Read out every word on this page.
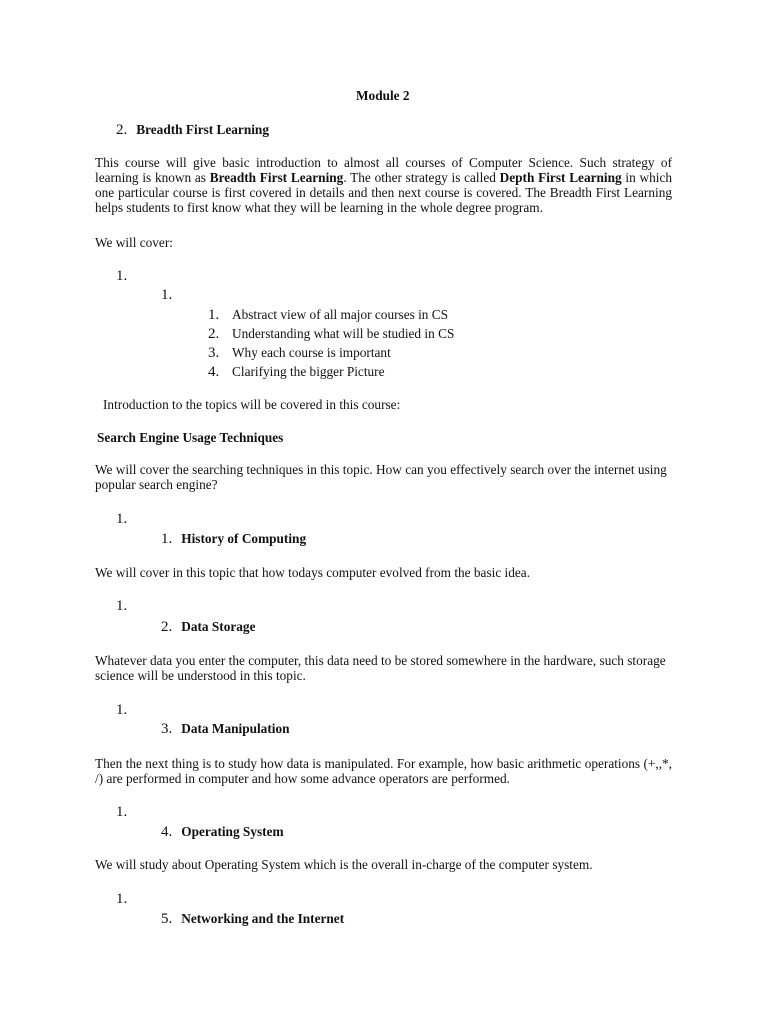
Module 2
2. Breadth First Learning
This course will give basic introduction to almost all courses of Computer Science. Such strategy of learning is known as Breadth First Learning. The other strategy is called Depth First Learning in which one particular course is first covered in details and then next course is covered. The Breadth First Learning helps students to first know what they will be learning in the whole degree program.
We will cover:
1.
1.
1. Abstract view of all major courses in CS
2. Understanding what will be studied in CS
3. Why each course is important
4. Clarifying the bigger Picture
Introduction to the topics will be covered in this course:
Search Engine Usage Techniques
We will cover the searching techniques in this topic. How can you effectively search over the internet using popular search engine?
1.
1. History of Computing
We will cover in this topic that how todays computer evolved from the basic idea.
1.
2. Data Storage
Whatever data you enter the computer, this data need to be stored somewhere in the hardware, such storage science will be understood in this topic.
1.
3. Data Manipulation
Then the next thing is to study how data is manipulated. For example, how basic arithmetic operations (+,,*, /) are performed in computer and how some advance operators are performed.
1.
4. Operating System
We will study about Operating System which is the overall in-charge of the computer system.
1.
5. Networking and the Internet
